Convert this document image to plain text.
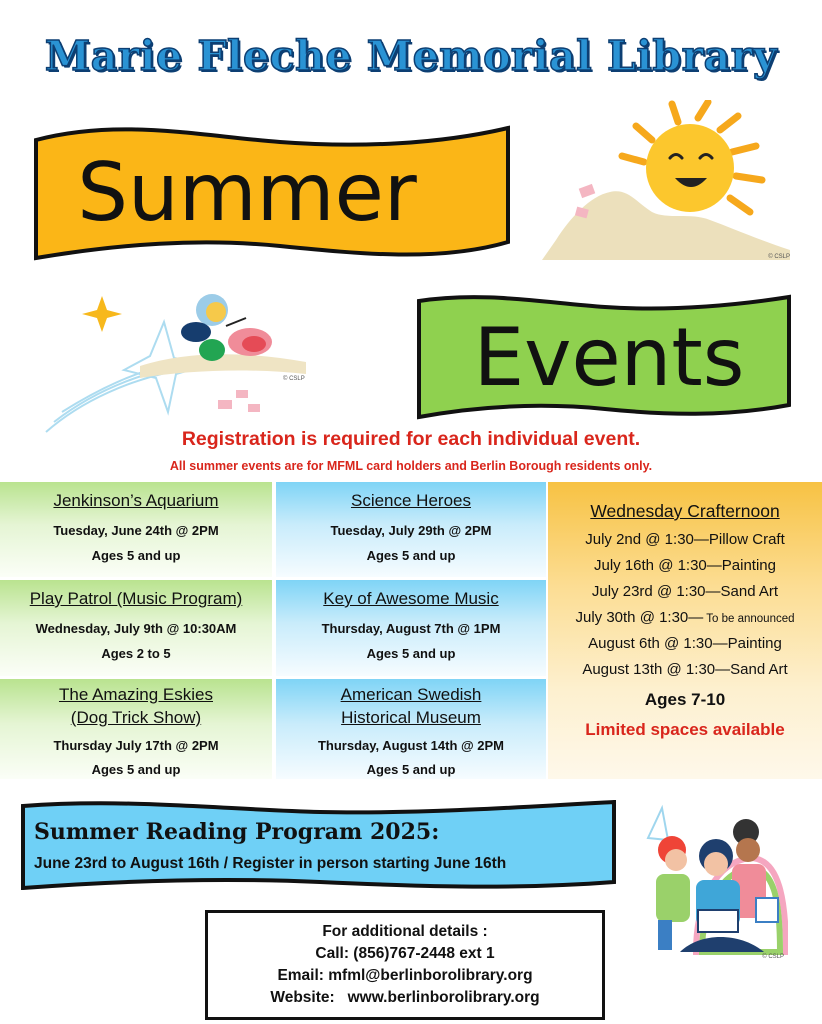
Marie Fleche Memorial Library
Summer
© CSLP
© CSLP	Events
Registration is required for each individual event.
All summer events are for MFML card holders and Berlin Borough residents only.
Jenkinson’s Aquarium
Tuesday, June 24th @ 2PM
Ages 5 and up
Science Heroes
Tuesday, July 29th @ 2PM
Ages 5 and up
Play Patrol (Music Program)
Wednesday, July 9th @ 10:30AM
Ages 2 to 5
Key of Awesome Music
Thursday, August 7th @ 1PM
Ages 5 and up
The Amazing Eskies
(Dog Trick Show)
Thursday July 17th @ 2PM
Ages 5 and up
American Swedish
Historical Museum
Thursday, August 14th @ 2PM
Ages 5 and up
Wednesday Crafternoon
July 2nd @ 1:30—Pillow Craft
July 16th @ 1:30—Painting
July 23rd @ 1:30—Sand Art
July 30th @ 1:30— To be announced
August 6th @ 1:30—Painting
August 13th @ 1:30—Sand Art
Ages 7-10
Limited spaces available
Summer Reading Program 2025:
June 23rd to August 16th / Register in person starting June 16th
© CSLP
For additional details :
Call: (856)767-2448 ext 1
Email: mfml@berlinborolibrary.org
Website:   www.berlinborolibrary.org
